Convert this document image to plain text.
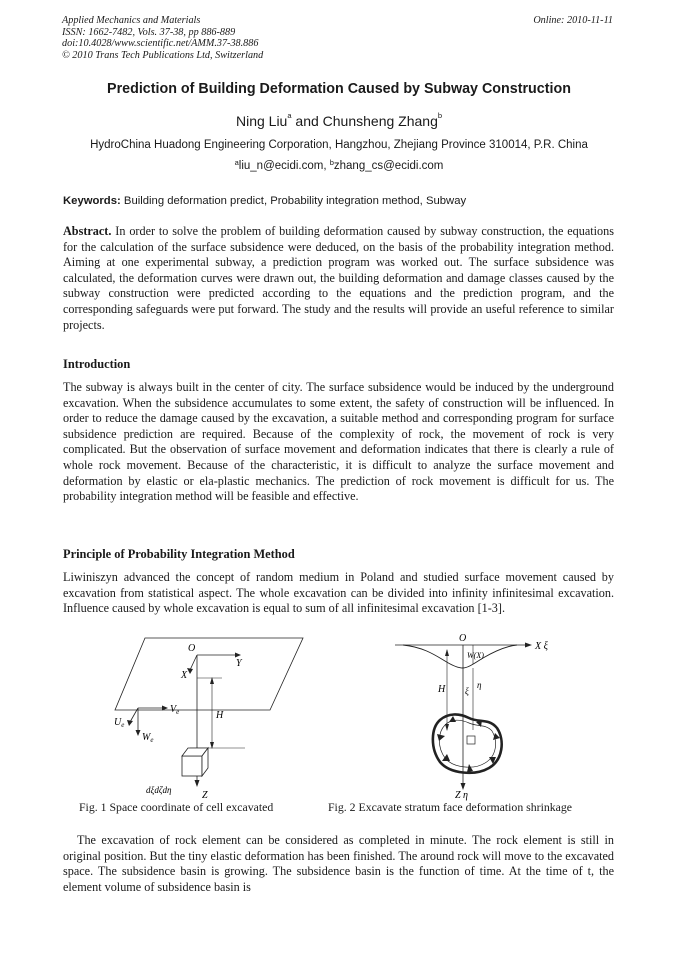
Applied Mechanics and Materials
ISSN: 1662-7482, Vols. 37-38, pp 886-889
doi:10.4028/www.scientific.net/AMM.37-38.886
© 2010 Trans Tech Publications Ltd, Switzerland
Online: 2010-11-11
Prediction of Building Deformation Caused by Subway Construction
Ning Liu$^a$ and Chunsheng Zhang$^b$
HydroChina Huadong Engineering Corporation, Hangzhou, Zhejiang Province 310014, P.R. China
$^a$liu_n@ecidi.com, $^b$zhang_cs@ecidi.com
Keywords: Building deformation predict, Probability integration method, Subway
Abstract. In order to solve the problem of building deformation caused by subway construction, the equations for the calculation of the surface subsidence were deduced, on the basis of the probability integration method. Aiming at one experimental subway, a prediction program was worked out. The surface subsidence was calculated, the deformation curves were drawn out, the building deformation and damage classes caused by the subway construction were predicted according to the equations and the prediction program, and the corresponding safeguards were put forward. The study and the results will provide an useful reference to similar projects.
Introduction
The subway is always built in the center of city. The surface subsidence would be induced by the underground excavation. When the subsidence accumulates to some extent, the safety of construction will be influenced. In order to reduce the damage caused by the excavation, a suitable method and corresponding program for surface subsidence prediction are required. Because of the complexity of rock, the movement of rock is very complicated. But the observation of surface movement and deformation indicates that there is clearly a rule of whole rock movement. Because of the characteristic, it is difficult to analyze the surface movement and deformation by elastic or ela-plastic mechanics. The prediction of rock movement is difficult for us. The probability integration method will be feasible and effective.
Principle of Probability Integration Method
Liwiniszyn advanced the concept of random medium in Poland and studied surface movement caused by excavation from statistical aspect. The whole excavation can be divided into infinity infinitesimal excavation. Influence caused by whole excavation is equal to sum of all infinitesimal excavation [1-3].
O
Y
X
H
$V_e$
$U_e$
$W_e$
dξdζdη	Z
O
X ξ
W(X)
H ξ
η
Z η
Fig. 1 Space coordinate of cell excavated	Fig. 2 Excavate stratum face deformation shrinkage
The excavation of rock element can be considered as completed in minute. The rock element is still in original position. But the tiny elastic deformation has been finished. The around rock will move to the excavated space. The subsidence basin is growing. The subsidence basin is the function of time. At the time of t, the element volume of subsidence basin is
